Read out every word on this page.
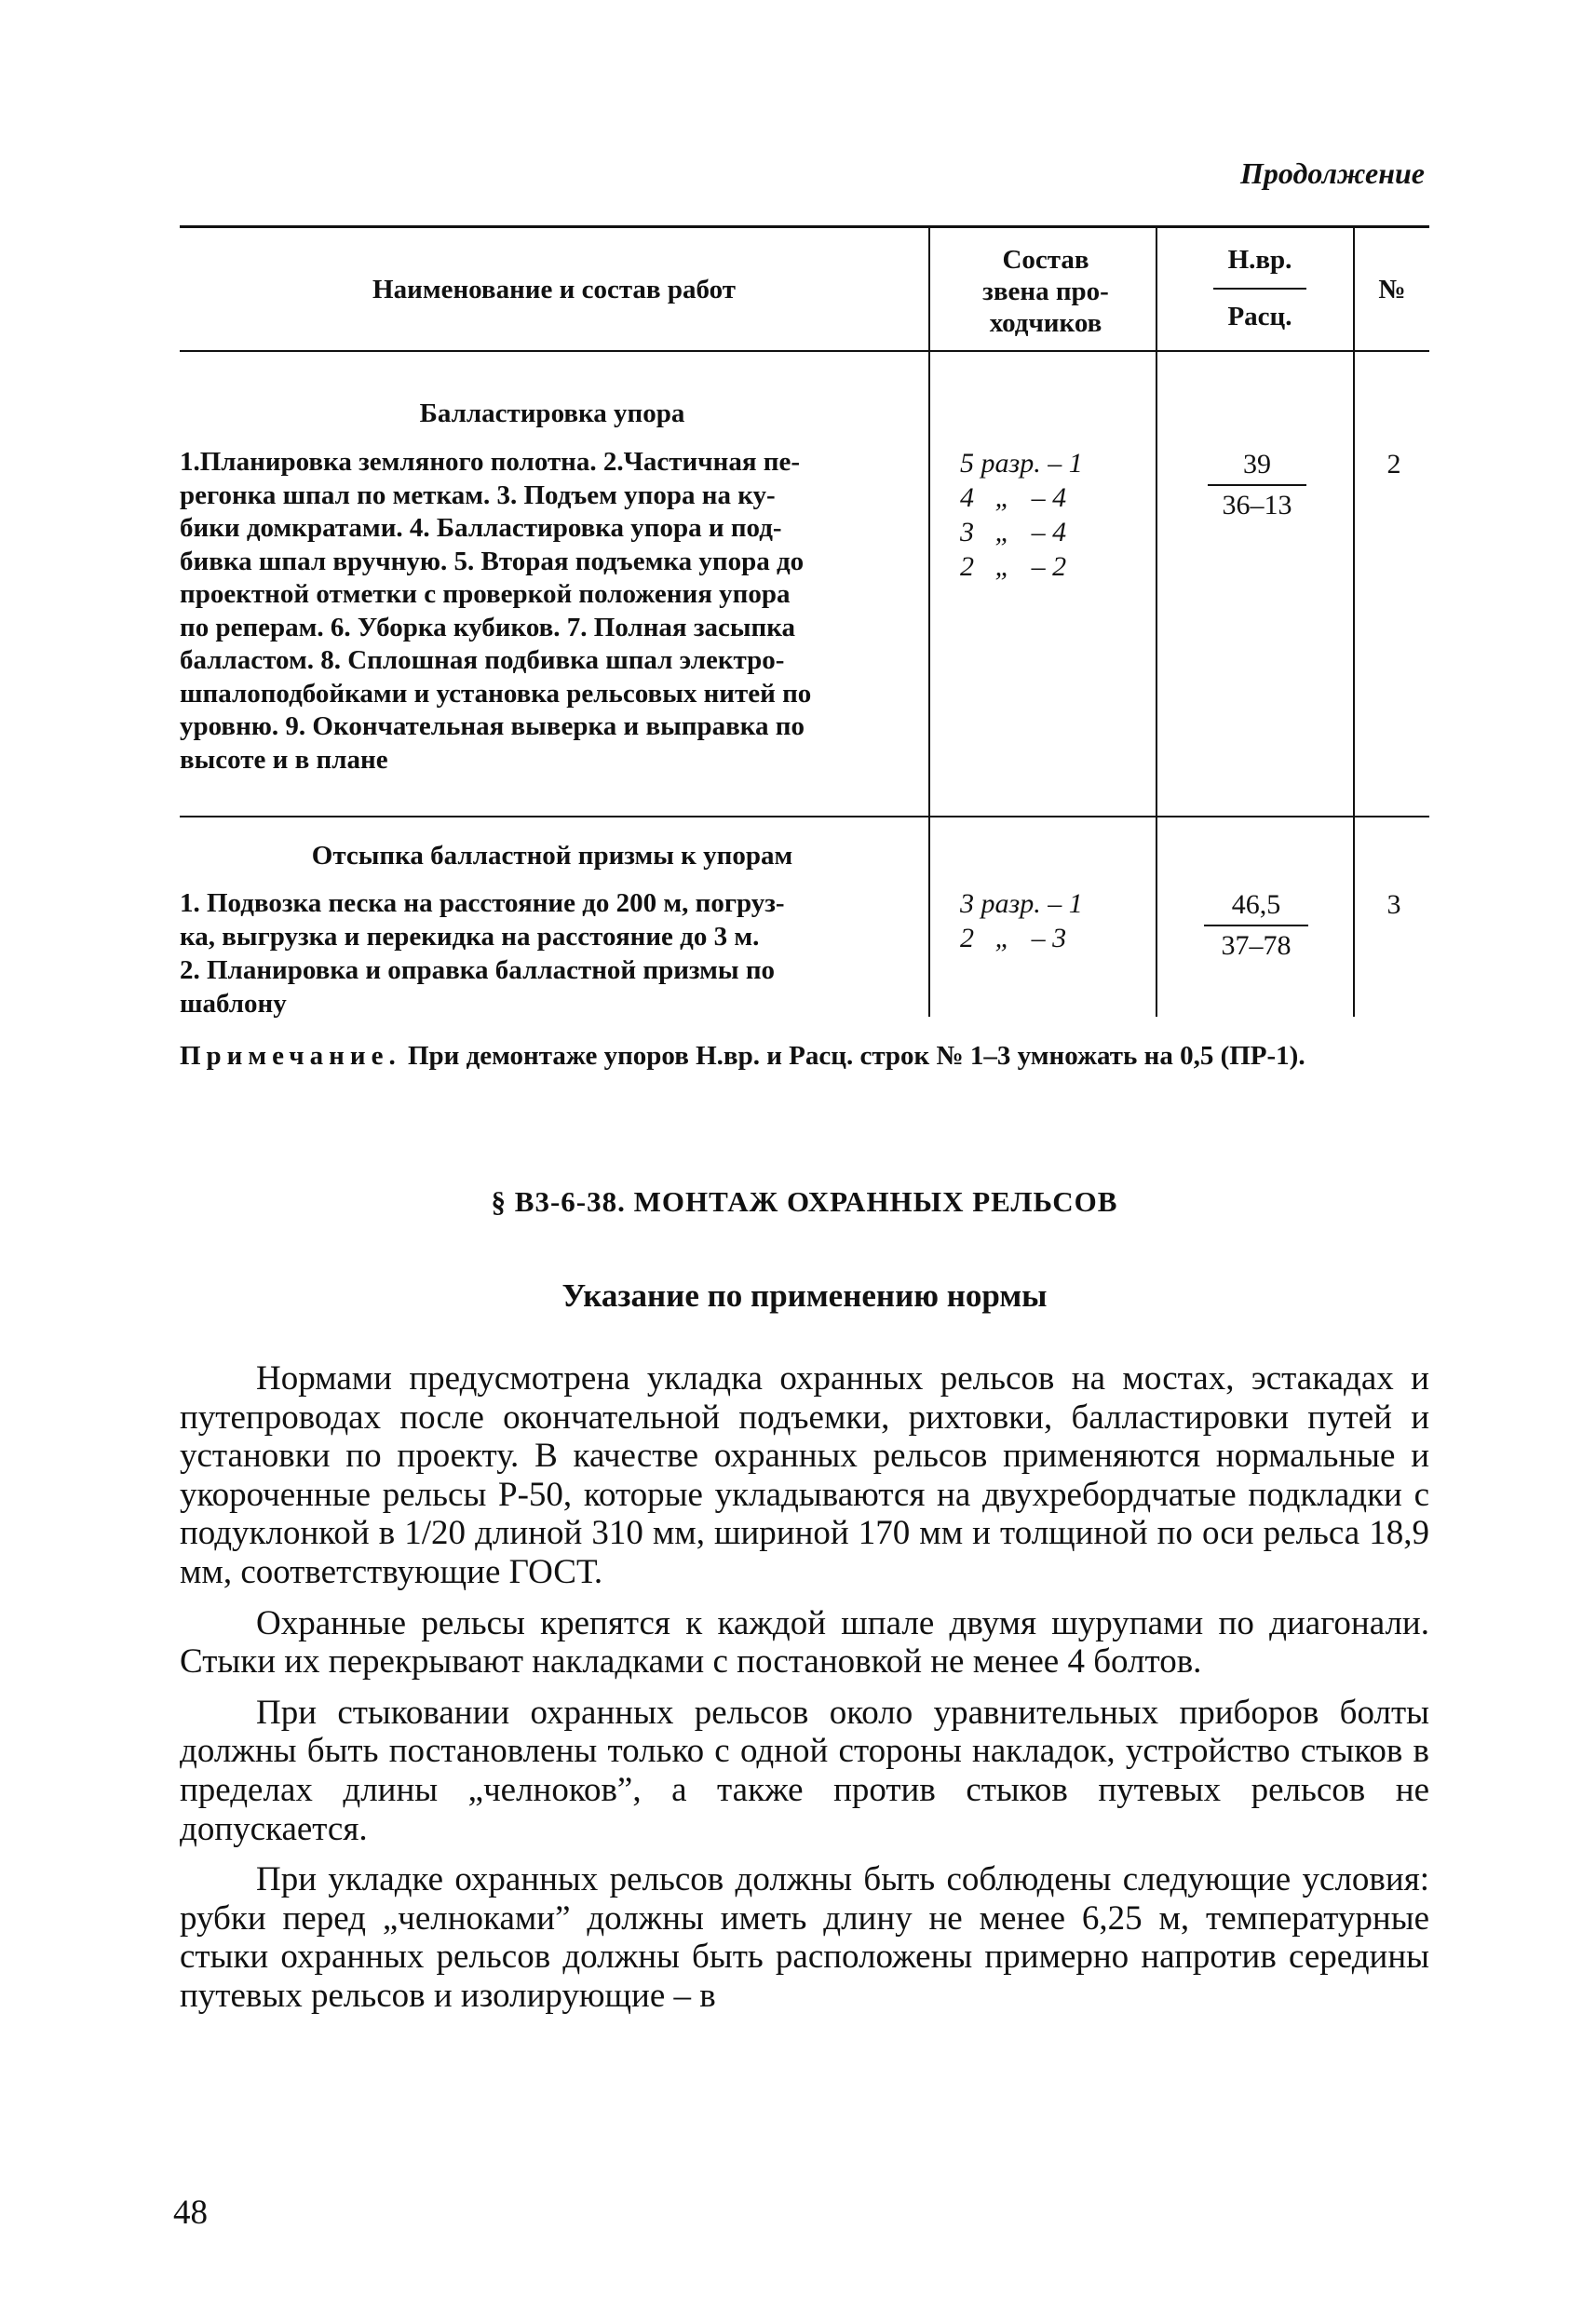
Продолжение
Наименование и состав работ
Состав
звена про-
ходчиков
Н.вр.
Расц.
№
Балластировка упора

1.Планировка земляного полотна. 2.Частичная пе-

регонка шпал по меткам. 3. Подъем упора на ку-

бики домкратами. 4. Балластировка упора и под-

бивка шпал вручную. 5. Вторая подъемка упора до

проектной отметки с проверкой положения упора

по реперам. 6. Уборка кубиков. 7. Полная засыпка

балластом. 8. Сплошная подбивка шпал электро-

шпалоподбойками и установка рельсовых нитей по

уровню. 9. Окончательная выверка и выправка по

высоте и в плане

5 разр. – 1
4   „   – 4
3   „   – 4
2   „   – 2
39
36–13
2
Отсыпка балластной призмы к упорам

1. Подвозка песка на расстояние до 200 м, погруз-

ка, выгрузка и перекидка на расстояние до 3 м.

2. Планировка и оправка балластной призмы по

шаблону

3 разр. – 1
2   „   – 3
46,5
37–78
3
Примечание. При демонтаже упоров Н.вр. и Расц. строк № 1–3 умножать на 0,5 (ПР-1).
§ В3-6-38. МОНТАЖ ОХРАННЫХ РЕЛЬСОВ
Указание по применению нормы

Нормами предусмотрена укладка охранных рельсов на мостах, эстакадах и путепроводах после окончательной подъемки, рихтовки, балластировки путей и установки по проекту. В качестве охранных рельсов применяются нормальные и укороченные рельсы Р-50, которые укладываются на двухребордчатые подкладки с подуклонкой в 1/20 длиной 310 мм, шириной 170 мм и толщиной по оси рельса 18,9 мм, соответствующие ГОСТ.

Охранные рельсы крепятся к каждой шпале двумя шурупами по диагонали. Стыки их перекрывают накладками с постановкой не менее 4 болтов.

При стыковании охранных рельсов около уравнительных приборов болты должны быть постановлены только с одной стороны накладок, устройство стыков в пределах длины „челноков”, а также против стыков путевых рельсов не допускается.

При укладке охранных рельсов должны быть соблюдены следующие условия: рубки перед „челноками” должны иметь длину не менее 6,25 м, температурные стыки охранных рельсов должны быть расположены примерно напротив середины путевых рельсов и изолирующие – в

48
